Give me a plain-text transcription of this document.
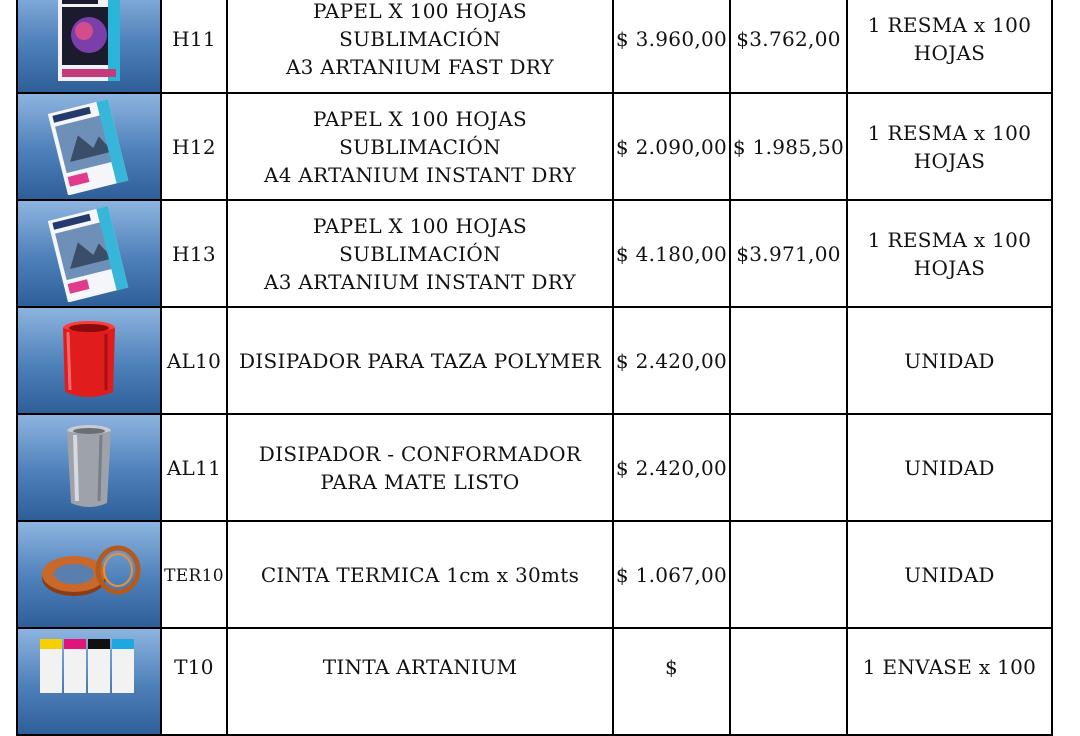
	H11	PAPEL X 100 HOJAS
SUBLIMACIÓN
A3 ARTANIUM FAST DRY	$ 3.960,00	$3.762,00	1 RESMA x 100
HOJAS

	H12	PAPEL X 100 HOJAS
SUBLIMACIÓN
A4 ARTANIUM INSTANT DRY	$ 2.090,00	$ 1.985,50	1 RESMA x 100
HOJAS

	H13	PAPEL X 100 HOJAS
SUBLIMACIÓN
A3 ARTANIUM INSTANT DRY	$ 4.180,00	$3.971,00	1 RESMA x 100
HOJAS

	AL10	DISIPADOR PARA TAZA POLYMER	$ 2.420,00		UNIDAD

	AL11	DISIPADOR - CONFORMADOR
PARA MATE LISTO	$ 2.420,00		UNIDAD

	TER10	CINTA TERMICA 1cm x 30mts	$ 1.067,00		UNIDAD

	T10	TINTA ARTANIUM	$		1 ENVASE x 100
